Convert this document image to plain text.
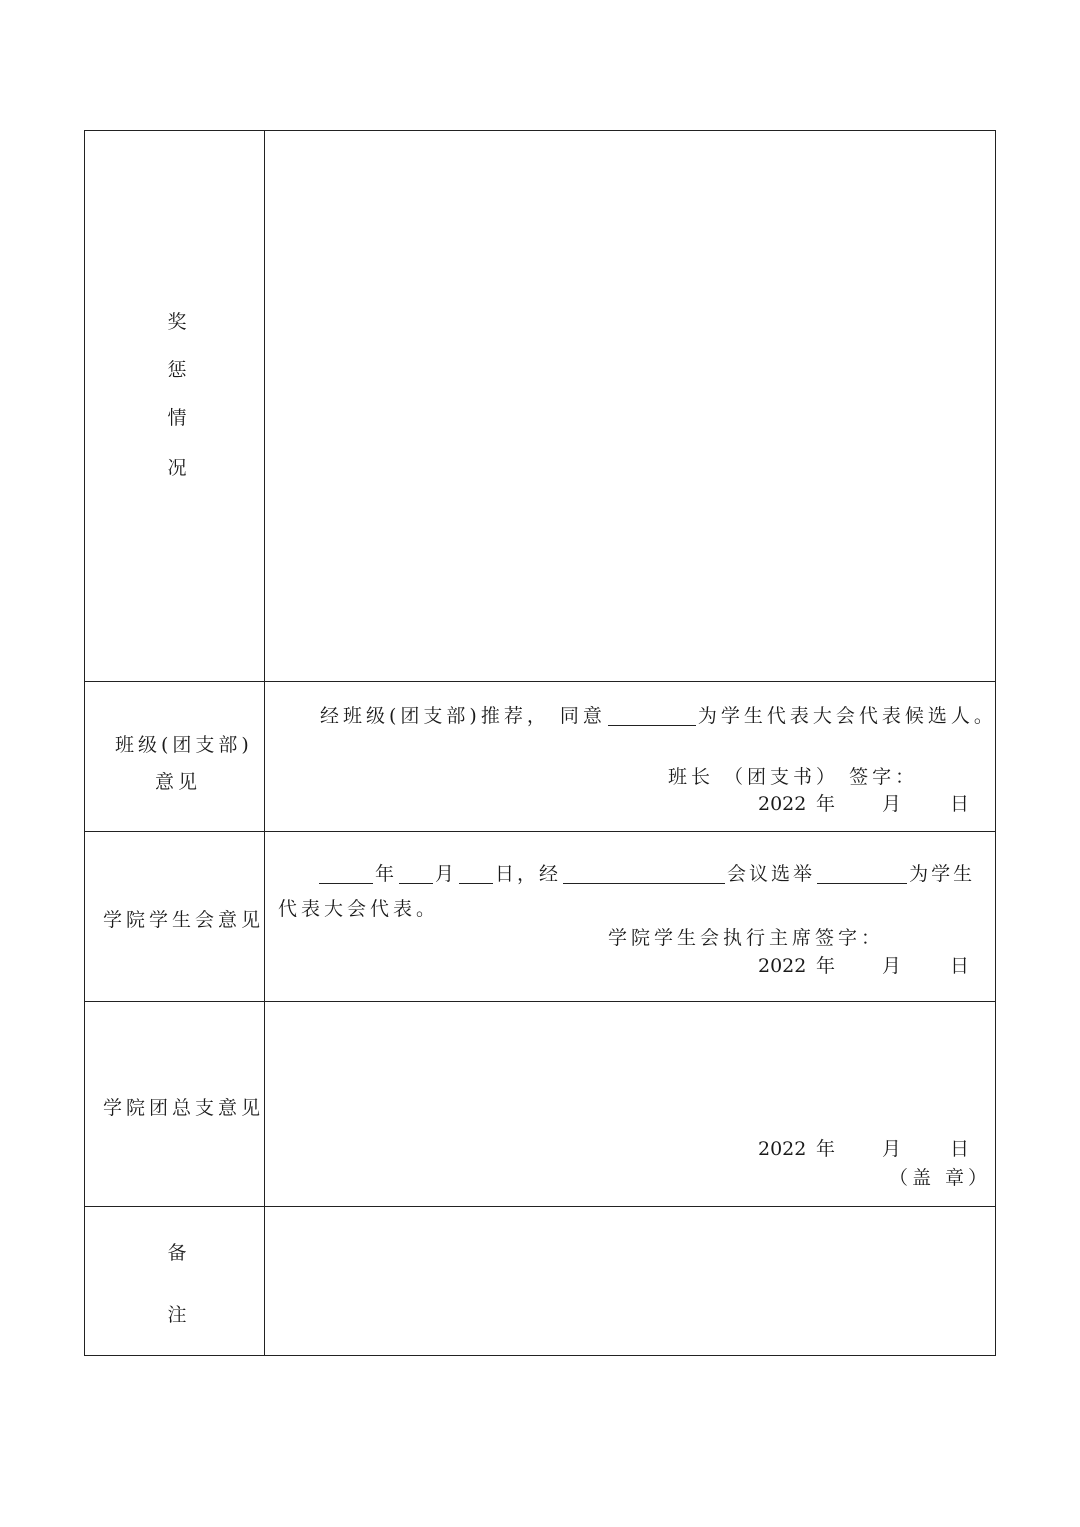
奖
惩
情
况
班级(团支部)
意见
经班级(团支部)推荐， 同意	为学生代表大会代表候选人。
班长 （团支书） 签字：
2022 年 月	日
学院学生会意见
年 月 日，经	会议选举	为学生
代表大会代表。
学院学生会执行主席签字：
2022 年 月	日
学院团总支意见
2022 年 月	日
（盖 章）
备
注
